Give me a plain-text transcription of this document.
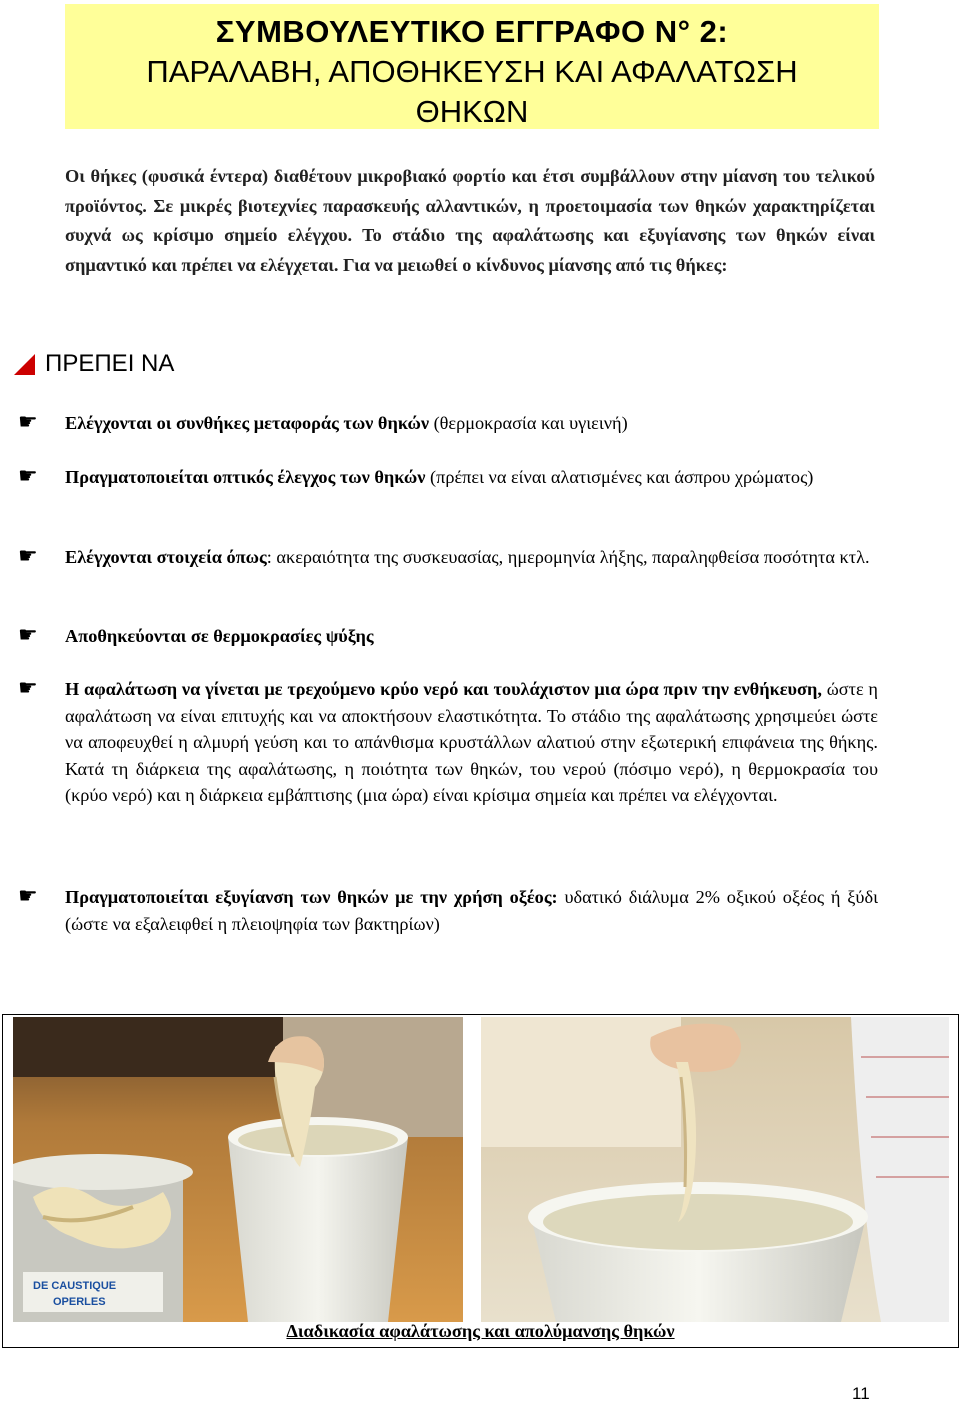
ΣΥΜΒΟΥΛΕΥΤΙΚΟ ΕΓΓΡΑΦΟ Ν° 2:
ΠΑΡΑΛΑΒΗ, ΑΠΟΘΗΚΕΥΣΗ ΚΑΙ ΑΦΑΛΑΤΩΣΗ
ΘΗΚΩΝ
Οι θήκες (φυσικά έντερα) διαθέτουν μικροβιακό φορτίο και έτσι συμβάλλουν στην μίανση του τελικού προϊόντος. Σε μικρές βιοτεχνίες παρασκευής αλλαντικών, η προετοιμασία των θηκών χαρακτηρίζεται συχνά ως κρίσιμο σημείο ελέγχου. Το στάδιο της αφαλάτωσης και εξυγίανσης των θηκών είναι σημαντικό και πρέπει να ελέγχεται. Για να μειωθεί ο κίνδυνος μίανσης από τις θήκες:
ΠΡΕΠΕΙ ΝΑ
☛ Ελέγχονται οι συνθήκες μεταφοράς των θηκών (θερμοκρασία και υγιεινή)
☛ Πραγματοποιείται οπτικός έλεγχος των θηκών (πρέπει να είναι αλατισμένες και άσπρου χρώματος)
☛ Ελέγχονται στοιχεία όπως: ακεραιότητα της συσκευασίας, ημερομηνία λήξης, παραληφθείσα ποσότητα κτλ.
☛ Αποθηκεύονται σε θερμοκρασίες ψύξης
☛ Η αφαλάτωση να γίνεται με τρεχούμενο κρύο νερό και τουλάχιστον μια ώρα πριν την ενθήκευση, ώστε η αφαλάτωση να είναι επιτυχής και να αποκτήσουν ελαστικότητα. Το στάδιο της αφαλάτωσης χρησιμεύει ώστε να αποφευχθεί η αλμυρή γεύση και το απάνθισμα κρυστάλλων αλατιού στην εξωτερική επιφάνεια της θήκης. Κατά τη διάρκεια της αφαλάτωσης, η ποιότητα των θηκών, του νερού (πόσιμο νερό), η θερμοκρασία του (κρύο νερό) και η διάρκεια εμβάπτισης (μια ώρα) είναι κρίσιμα σημεία και πρέπει να ελέγχονται.
☛ Πραγματοποιείται εξυγίανση των θηκών με την χρήση οξέος: υδατικό διάλυμα 2% οξικού οξέος ή ξύδι (ώστε να εξαλειφθεί η πλειοψηφία των βακτηρίων)
DE CAUSTIQUE
OPERLES
Διαδικασία αφαλάτωσης και απολύμανσης θηκών
11
